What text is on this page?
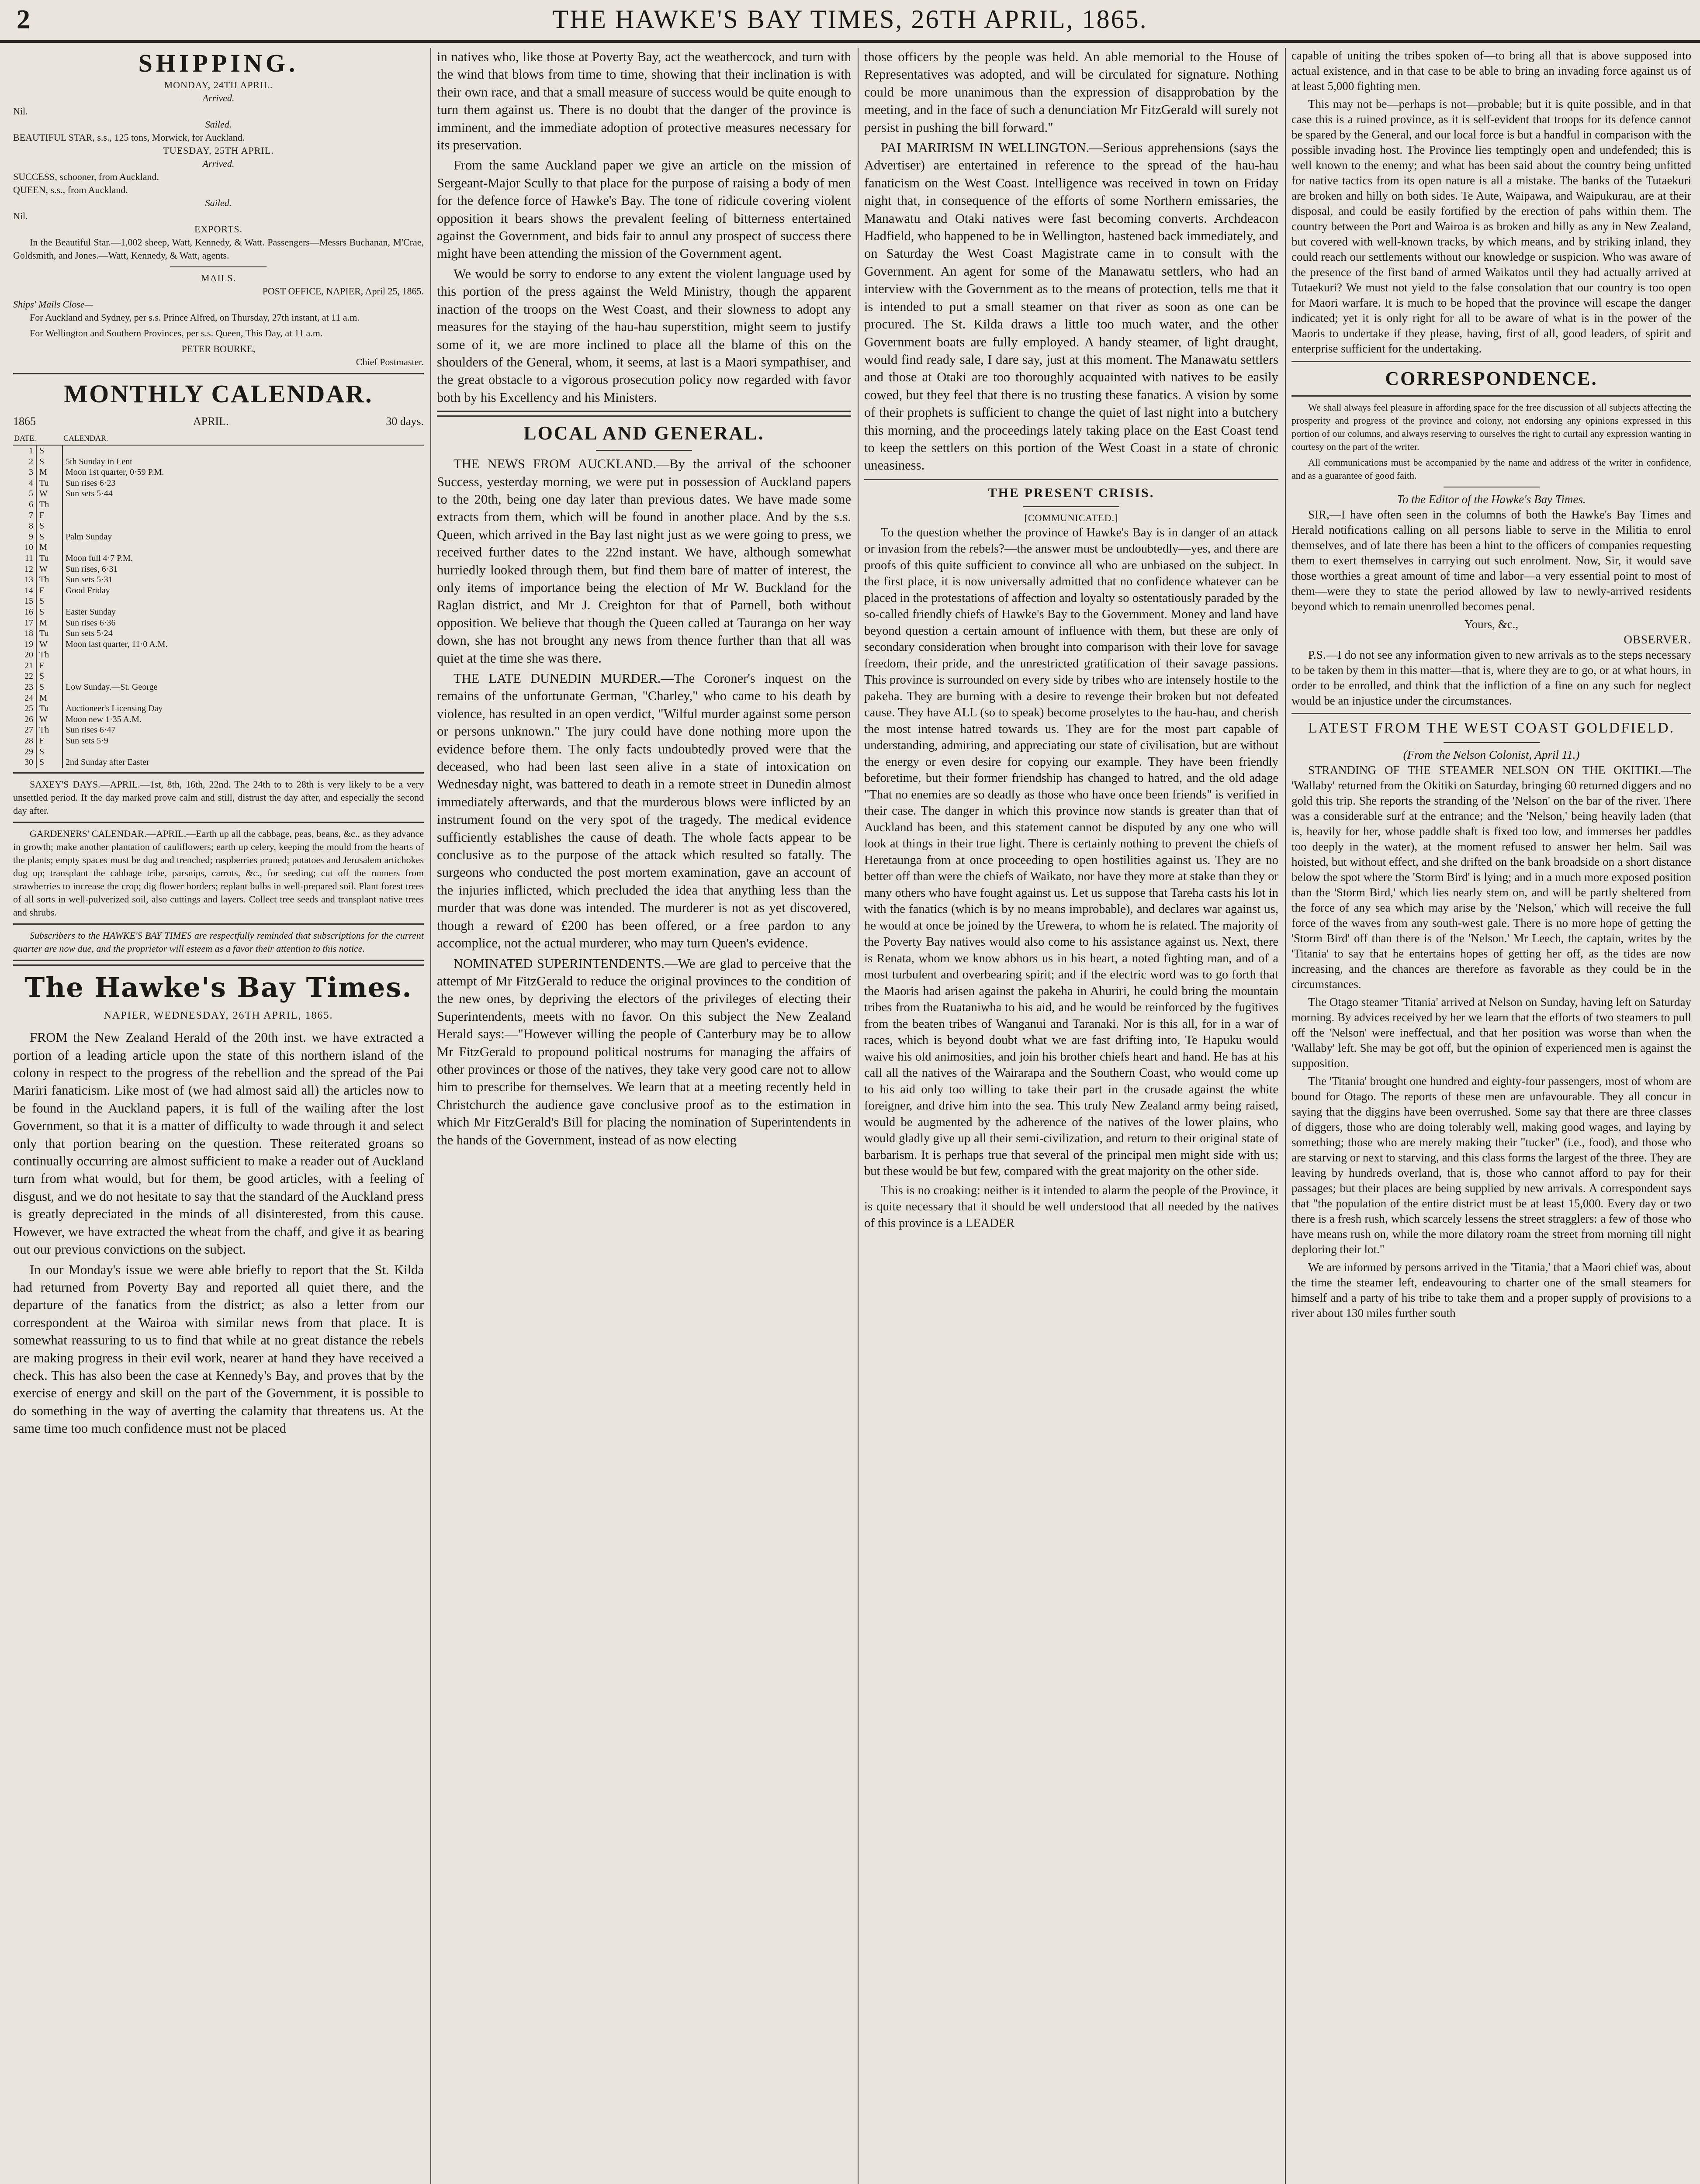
2	THE HAWKE'S BAY TIMES, 26TH APRIL, 1865.
SHIPPING.
MONDAY, 24TH APRIL.
Arrived.
Nil.
Sailed.
BEAUTIFUL STAR, s.s., 125 tons, Morwick, for Auckland.
TUESDAY, 25TH APRIL.
Arrived.
SUCCESS, schooner, from Auckland.
QUEEN, s.s., from Auckland.
Sailed.
Nil.
EXPORTS.

In the Beautiful Star.—1,002 sheep, Watt, Kennedy, & Watt. Passengers—Messrs Buchanan, M'Crae, Goldsmith, and Jones.—Watt, Kennedy, & Watt, agents.

MAILS.
POST OFFICE, NAPIER, April 25, 1865.
Ships' Mails Close—

For Auckland and Sydney, per s.s. Prince Alfred, on Thursday, 27th instant, at 11 a.m.

For Wellington and Southern Provinces, per s.s. Queen, This Day, at 11 a.m.

PETER BOURKE,
Chief Postmaster.
MONTHLY CALENDAR.
1865	APRIL.	30 days.
DATE.		CALENDAR.
1	S	
2	S	5th Sunday in Lent
3	M	Moon 1st quarter, 0·59 P.M.
4	Tu	Sun rises 6·23
5	W	Sun sets 5·44
6	Th	
7	F	
8	S	
9	S	Palm Sunday
10	M	
11	Tu	Moon full 4·7 P.M.
12	W	Sun rises, 6·31
13	Th	Sun sets 5·31
14	F	Good Friday
15	S	
16	S	Easter Sunday
17	M	Sun rises 6·36
18	Tu	Sun sets 5·24
19	W	Moon last quarter, 11·0 A.M.
20	Th	
21	F	
22	S	
23	S	Low Sunday.—St. George
24	M	
25	Tu	Auctioneer's Licensing Day
26	W	Moon new 1·35 A.M.
27	Th	Sun rises 6·47
28	F	Sun sets 5·9
29	S	
30	S	2nd Sunday after Easter

SAXEY'S DAYS.—APRIL.—1st, 8th, 16th, 22nd. The 24th to to 28th is very likely to be a very unsettled period. If the day marked prove calm and still, distrust the day after, and especially the second day after.

GARDENERS' CALENDAR.—APRIL.—Earth up all the cabbage, peas, beans, &c., as they advance in growth; make another plantation of cauliflowers; earth up celery, keeping the mould from the hearts of the plants; empty spaces must be dug and trenched; raspberries pruned; potatoes and Jerusalem artichokes dug up; transplant the cabbage tribe, parsnips, carrots, &c., for seeding; cut off the runners from strawberries to increase the crop; dig flower borders; replant bulbs in well-prepared soil. Plant forest trees of all sorts in well-pulverized soil, also cuttings and layers. Collect tree seeds and transplant native trees and shrubs.

Subscribers to the HAWKE'S BAY TIMES are respectfully reminded that subscriptions for the current quarter are now due, and the proprietor will esteem as a favor their attention to this notice.

The Hawke's Bay Times.
NAPIER, WEDNESDAY, 26TH APRIL, 1865.

FROM the New Zealand Herald of the 20th inst. we have extracted a portion of a leading article upon the state of this northern island of the colony in respect to the progress of the rebellion and the spread of the Pai Mariri fanaticism. Like most of (we had almost said all) the articles now to be found in the Auckland papers, it is full of the wailing after the lost Government, so that it is a matter of difficulty to wade through it and select only that portion bearing on the question. These reiterated groans so continually occurring are almost sufficient to make a reader out of Auckland turn from what would, but for them, be good articles, with a feeling of disgust, and we do not hesitate to say that the standard of the Auckland press is greatly depreciated in the minds of all disinterested, from this cause. However, we have extracted the wheat from the chaff, and give it as bearing out our previous convictions on the subject.

In our Monday's issue we were able briefly to report that the St. Kilda had returned from Poverty Bay and reported all quiet there, and the departure of the fanatics from the district; as also a letter from our correspondent at the Wairoa with similar news from that place. It is somewhat reassuring to us to find that while at no great distance the rebels are making progress in their evil work, nearer at hand they have received a check. This has also been the case at Kennedy's Bay, and proves that by the exercise of energy and skill on the part of the Government, it is possible to do something in the way of averting the calamity that threatens us. At the same time too much confidence must not be placed

in natives who, like those at Poverty Bay, act the weathercock, and turn with the wind that blows from time to time, showing that their inclination is with their own race, and that a small measure of success would be quite enough to turn them against us. There is no doubt that the danger of the province is imminent, and the immediate adoption of protective measures necessary for its preservation.

From the same Auckland paper we give an article on the mission of Sergeant-Major Scully to that place for the purpose of raising a body of men for the defence force of Hawke's Bay. The tone of ridicule covering violent opposition it bears shows the prevalent feeling of bitterness entertained against the Government, and bids fair to annul any prospect of success there might have been attending the mission of the Government agent.

We would be sorry to endorse to any extent the violent language used by this portion of the press against the Weld Ministry, though the apparent inaction of the troops on the West Coast, and their slowness to adopt any measures for the staying of the hau-hau superstition, might seem to justify some of it, we are more inclined to place all the blame of this on the shoulders of the General, whom, it seems, at last is a Maori sympathiser, and the great obstacle to a vigorous prosecution policy now regarded with favor both by his Excellency and his Ministers.

LOCAL AND GENERAL.

THE NEWS FROM AUCKLAND.—By the arrival of the schooner Success, yesterday morning, we were put in possession of Auckland papers to the 20th, being one day later than previous dates. We have made some extracts from them, which will be found in another place. And by the s.s. Queen, which arrived in the Bay last night just as we were going to press, we received further dates to the 22nd instant. We have, although somewhat hurriedly looked through them, but find them bare of matter of interest, the only items of importance being the election of Mr W. Buckland for the Raglan district, and Mr J. Creighton for that of Parnell, both without opposition. We believe that though the Queen called at Tauranga on her way down, she has not brought any news from thence further than that all was quiet at the time she was there.

THE LATE DUNEDIN MURDER.—The Coroner's inquest on the remains of the unfortunate German, "Charley," who came to his death by violence, has resulted in an open verdict, "Wilful murder against some person or persons unknown." The jury could have done nothing more upon the evidence before them. The only facts undoubtedly proved were that the deceased, who had been last seen alive in a state of intoxication on Wednesday night, was battered to death in a remote street in Dunedin almost immediately afterwards, and that the murderous blows were inflicted by an instrument found on the very spot of the tragedy. The medical evidence sufficiently establishes the cause of death. The whole facts appear to be conclusive as to the purpose of the attack which resulted so fatally. The surgeons who conducted the post mortem examination, gave an account of the injuries inflicted, which precluded the idea that anything less than the murder that was done was intended. The murderer is not as yet discovered, though a reward of £200 has been offered, or a free pardon to any accomplice, not the actual murderer, who may turn Queen's evidence.

NOMINATED SUPERINTENDENTS.—We are glad to perceive that the attempt of Mr FitzGerald to reduce the original provinces to the condition of the new ones, by depriving the electors of the privileges of electing their Superintendents, meets with no favor. On this subject the New Zealand Herald says:—"However willing the people of Canterbury may be to allow Mr FitzGerald to propound political nostrums for managing the affairs of other provinces or those of the natives, they take very good care not to allow him to prescribe for themselves. We learn that at a meeting recently held in Christchurch the audience gave conclusive proof as to the estimation in which Mr FitzGerald's Bill for placing the nomination of Superintendents in the hands of the Government, instead of as now electing

those officers by the people was held. An able memorial to the House of Representatives was adopted, and will be circulated for signature. Nothing could be more unanimous than the expression of disapprobation by the meeting, and in the face of such a denunciation Mr FitzGerald will surely not persist in pushing the bill forward."

PAI MARIRISM IN WELLINGTON.—Serious apprehensions (says the Advertiser) are entertained in reference to the spread of the hau-hau fanaticism on the West Coast. Intelligence was received in town on Friday night that, in consequence of the efforts of some Northern emissaries, the Manawatu and Otaki natives were fast becoming converts. Archdeacon Hadfield, who happened to be in Wellington, hastened back immediately, and on Saturday the West Coast Magistrate came in to consult with the Government. An agent for some of the Manawatu settlers, who had an interview with the Government as to the means of protection, tells me that it is intended to put a small steamer on that river as soon as one can be procured. The St. Kilda draws a little too much water, and the other Government boats are fully employed. A handy steamer, of light draught, would find ready sale, I dare say, just at this moment. The Manawatu settlers and those at Otaki are too thoroughly acquainted with natives to be easily cowed, but they feel that there is no trusting these fanatics. A vision by some of their prophets is sufficient to change the quiet of last night into a butchery this morning, and the proceedings lately taking place on the East Coast tend to keep the settlers on this portion of the West Coast in a state of chronic uneasiness.

THE PRESENT CRISIS.
[COMMUNICATED.]

To the question whether the province of Hawke's Bay is in danger of an attack or invasion from the rebels?—the answer must be undoubtedly—yes, and there are proofs of this quite sufficient to convince all who are unbiased on the subject. In the first place, it is now universally admitted that no confidence whatever can be placed in the protestations of affection and loyalty so ostentatiously paraded by the so-called friendly chiefs of Hawke's Bay to the Government. Money and land have beyond question a certain amount of influence with them, but these are only of secondary consideration when brought into comparison with their love for savage freedom, their pride, and the unrestricted gratification of their savage passions. This province is surrounded on every side by tribes who are intensely hostile to the pakeha. They are burning with a desire to revenge their broken but not defeated cause. They have ALL (so to speak) become proselytes to the hau-hau, and cherish the most intense hatred towards us. They are for the most part capable of understanding, admiring, and appreciating our state of civilisation, but are without the energy or even desire for copying our example. They have been friendly beforetime, but their former friendship has changed to hatred, and the old adage "That no enemies are so deadly as those who have once been friends" is verified in their case. The danger in which this province now stands is greater than that of Auckland has been, and this statement cannot be disputed by any one who will look at things in their true light. There is certainly nothing to prevent the chiefs of Heretaunga from at once proceeding to open hostilities against us. They are no better off than were the chiefs of Waikato, nor have they more at stake than they or many others who have fought against us. Let us suppose that Tareha casts his lot in with the fanatics (which is by no means improbable), and declares war against us, he would at once be joined by the Urewera, to whom he is related. The majority of the Poverty Bay natives would also come to his assistance against us. Next, there is Renata, whom we know abhors us in his heart, a noted fighting man, and of a most turbulent and overbearing spirit; and if the electric word was to go forth that the Maoris had arisen against the pakeha in Ahuriri, he could bring the mountain tribes from the Ruataniwha to his aid, and he would be reinforced by the fugitives from the beaten tribes of Wanganui and Taranaki. Nor is this all, for in a war of races, which is beyond doubt what we are fast drifting into, Te Hapuku would waive his old animosities, and join his brother chiefs heart and hand. He has at his call all the natives of the Wairarapa and the Southern Coast, who would come up to his aid only too willing to take their part in the crusade against the white foreigner, and drive him into the sea. This truly New Zealand army being raised, would be augmented by the adherence of the natives of the lower plains, who would gladly give up all their semi-civilization, and return to their original state of barbarism. It is perhaps true that several of the principal men might side with us; but these would be but few, compared with the great majority on the other side.

This is no croaking: neither is it intended to alarm the people of the Province, it is quite necessary that it should be well understood that all needed by the natives of this province is a LEADER

capable of uniting the tribes spoken of—to bring all that is above supposed into actual existence, and in that case to be able to bring an invading force against us of at least 5,000 fighting men.

This may not be—perhaps is not—probable; but it is quite possible, and in that case this is a ruined province, as it is self-evident that troops for its defence cannot be spared by the General, and our local force is but a handful in comparison with the possible invading host. The Province lies temptingly open and undefended; this is well known to the enemy; and what has been said about the country being unfitted for native tactics from its open nature is all a mistake. The banks of the Tutaekuri are broken and hilly on both sides. Te Aute, Waipawa, and Waipukurau, are at their disposal, and could be easily fortified by the erection of pahs within them. The country between the Port and Wairoa is as broken and hilly as any in New Zealand, but covered with well-known tracks, by which means, and by striking inland, they could reach our settlements without our knowledge or suspicion. Who was aware of the presence of the first band of armed Waikatos until they had actually arrived at Tutaekuri? We must not yield to the false consolation that our country is too open for Maori warfare. It is much to be hoped that the province will escape the danger indicated; yet it is only right for all to be aware of what is in the power of the Maoris to undertake if they please, having, first of all, good leaders, of spirit and enterprise sufficient for the undertaking.

CORRESPONDENCE.

We shall always feel pleasure in affording space for the free discussion of all subjects affecting the prosperity and progress of the province and colony, not endorsing any opinions expressed in this portion of our columns, and always reserving to ourselves the right to curtail any expression wanting in courtesy on the part of the writer.

All communications must be accompanied by the name and address of the writer in confidence, and as a guarantee of good faith.

To the Editor of the Hawke's Bay Times.

SIR,—I have often seen in the columns of both the Hawke's Bay Times and Herald notifications calling on all persons liable to serve in the Militia to enrol themselves, and of late there has been a hint to the officers of companies requesting them to exert themselves in carrying out such enrolment. Now, Sir, it would save those worthies a great amount of time and labor—a very essential point to most of them—were they to state the period allowed by law to newly-arrived residents beyond which to remain unenrolled becomes penal.

Yours, &c.,
OBSERVER.

P.S.—I do not see any information given to new arrivals as to the steps necessary to be taken by them in this matter—that is, where they are to go, or at what hours, in order to be enrolled, and think that the infliction of a fine on any such for neglect would be an injustice under the circumstances.

LATEST FROM THE WEST COAST GOLDFIELD.
(From the Nelson Colonist, April 11.)

STRANDING OF THE STEAMER NELSON ON THE OKITIKI.—The 'Wallaby' returned from the Okitiki on Saturday, bringing 60 returned diggers and no gold this trip. She reports the stranding of the 'Nelson' on the bar of the river. There was a considerable surf at the entrance; and the 'Nelson,' being heavily laden (that is, heavily for her, whose paddle shaft is fixed too low, and immerses her paddles too deeply in the water), at the moment refused to answer her helm. Sail was hoisted, but without effect, and she drifted on the bank broadside on a short distance below the spot where the 'Storm Bird' is lying; and in a much more exposed position than the 'Storm Bird,' which lies nearly stem on, and will be partly sheltered from the force of any sea which may arise by the 'Nelson,' which will receive the full force of the waves from any south-west gale. There is no more hope of getting the 'Storm Bird' off than there is of the 'Nelson.' Mr Leech, the captain, writes by the 'Titania' to say that he entertains hopes of getting her off, as the tides are now increasing, and the chances are therefore as favorable as they could be in the circumstances.

The Otago steamer 'Titania' arrived at Nelson on Sunday, having left on Saturday morning. By advices received by her we learn that the efforts of two steamers to pull off the 'Nelson' were ineffectual, and that her position was worse than when the 'Wallaby' left. She may be got off, but the opinion of experienced men is against the supposition.

The 'Titania' brought one hundred and eighty-four passengers, most of whom are bound for Otago. The reports of these men are unfavourable. They all concur in saying that the diggins have been overrushed. Some say that there are three classes of diggers, those who are doing tolerably well, making good wages, and laying by something; those who are merely making their "tucker" (i.e., food), and those who are starving or next to starving, and this class forms the largest of the three. They are leaving by hundreds overland, that is, those who cannot afford to pay for their passages; but their places are being supplied by new arrivals. A correspondent says that "the population of the entire district must be at least 15,000. Every day or two there is a fresh rush, which scarcely lessens the street stragglers: a few of those who have means rush on, while the more dilatory roam the street from morning till night deploring their lot."

We are informed by persons arrived in the 'Titania,' that a Maori chief was, about the time the steamer left, endeavouring to charter one of the small steamers for himself and a party of his tribe to take them and a proper supply of provisions to a river about 130 miles further south
